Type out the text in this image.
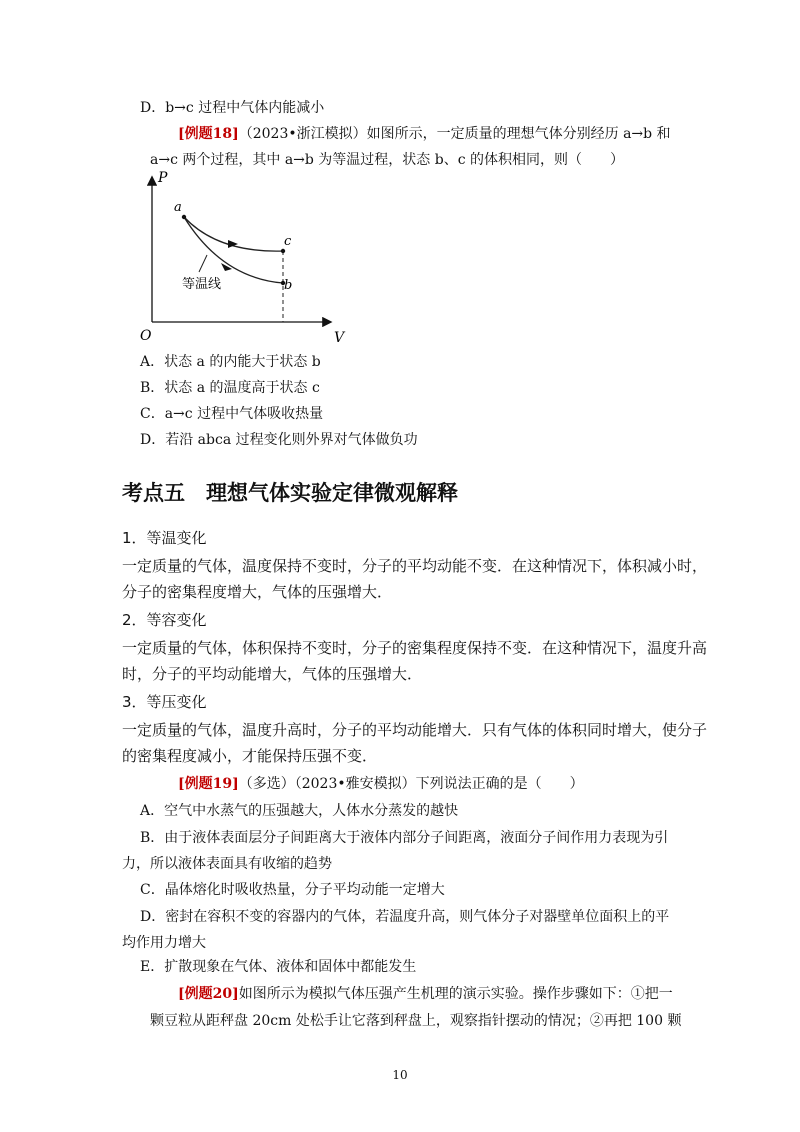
D．b→c 过程中气体内能减小
[例题18]（2023•浙江模拟）如图所示，一定质量的理想气体分别经历 a→b 和
a→c 两个过程，其中 a→b 为等温过程，状态 b、c 的体积相同，则（　　）
P
V
O
a
c
b
等温线
A．状态 a 的内能大于状态 b
B．状态 a 的温度高于状态 c
C．a→c 过程中气体吸收热量
D．若沿 abca 过程变化则外界对气体做负功
考点五　理想气体实验定律微观解释
1．等温变化
一定质量的气体，温度保持不变时，分子的平均动能不变．在这种情况下，体积减小时，
分子的密集程度增大，气体的压强增大．
2．等容变化
一定质量的气体，体积保持不变时，分子的密集程度保持不变．在这种情况下，温度升高
时，分子的平均动能增大，气体的压强增大．
3．等压变化
一定质量的气体，温度升高时，分子的平均动能增大．只有气体的体积同时增大，使分子
的密集程度减小，才能保持压强不变．
[例题19]（多选）（2023•雅安模拟）下列说法正确的是（　　）
A．空气中水蒸气的压强越大，人体水分蒸发的越快
B．由于液体表面层分子间距离大于液体内部分子间距离，液面分子间作用力表现为引
力，所以液体表面具有收缩的趋势
C．晶体熔化时吸收热量，分子平均动能一定增大
D．密封在容积不变的容器内的气体，若温度升高，则气体分子对器壁单位面积上的平
均作用力增大
E．扩散现象在气体、液体和固体中都能发生
[例题20]如图所示为模拟气体压强产生机理的演示实验。操作步骤如下：①把一
颗豆粒从距秤盘 20cm 处松手让它落到秤盘上，观察指针摆动的情况；②再把 100 颗
10
